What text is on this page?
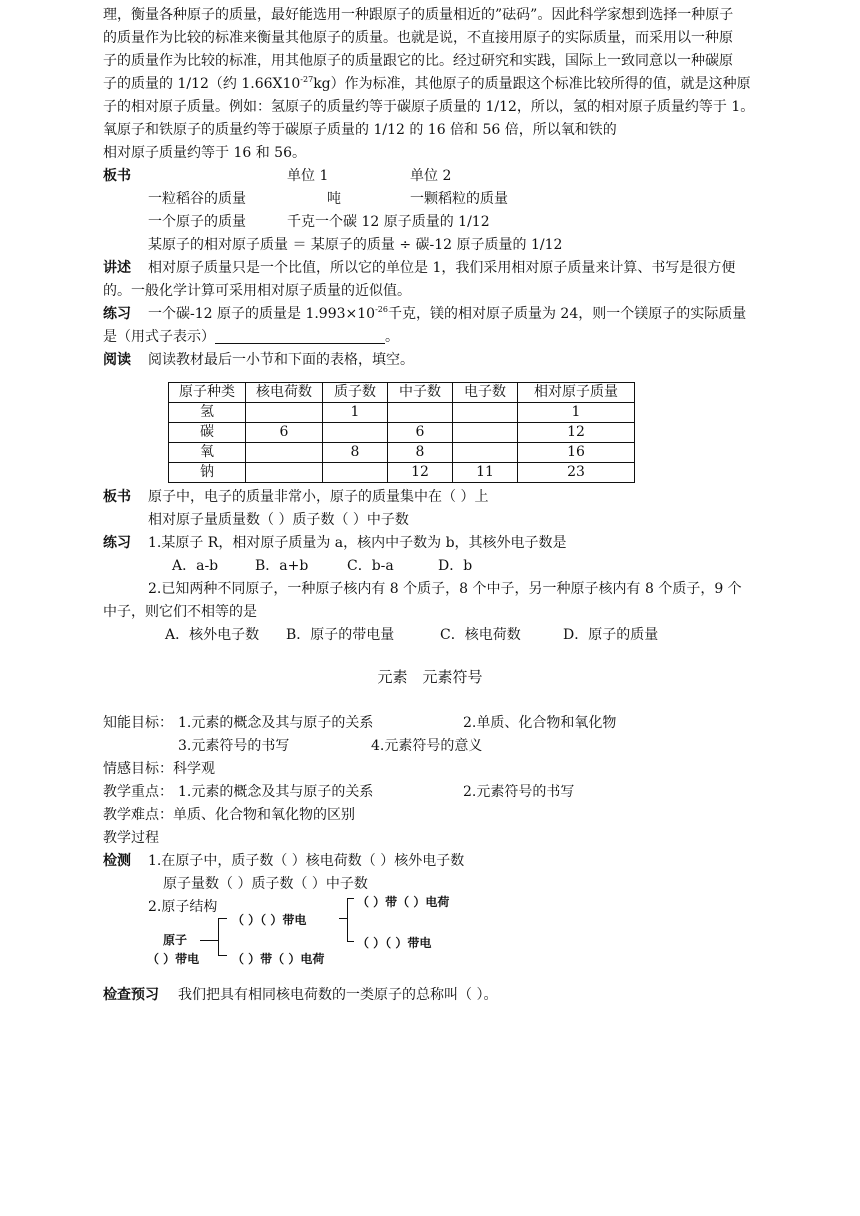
理，衡量各种原子的质量，最好能选用一种跟原子的质量相近的”砝码”。因此科学家想到选择一种原子
的质量作为比较的标准来衡量其他原子的质量。也就是说，不直接用原子的实际质量，而采用以一种原
子的质量作为比较的标准，用其他原子的质量跟它的比。经过研究和实践，国际上一致同意以一种碳原
子的质量的 1/12（约 $1.66X10^{-27}kg$）作为标准，其他原子的质量跟这个标准比较所得的值，就是这种原
子的相对原子质量。例如：氢原子的质量约等于碳原子质量的 1/12，所以，氢的相对原子质量约等于 1。
氧原子和铁原子的质量约等于碳原子质量的 1/12 的 16 倍和 56 倍，所以氧和铁的
相对原子质量约等于 16 和 56。
板书	单位 1	单位 2
一粒稻谷的质量	吨	一颗稻粒的质量
一个原子的质量	千克一个碳 12 原子质量的 1/12
某原子的相对原子质量 ＝ 某原子的质量 ÷ 碳-12 原子质量的 1/12
讲述 相对原子质量只是一个比值，所以它的单位是 1，我们采用相对原子质量来计算、书写是很方便
的。一般化学计算可采用相对原子质量的近似值。
练习 一个碳-12 原子的质量是 $1.993\times 10^{-26}$千克，镁的相对原子质量为 24，则一个镁原子的实际质量
是（用式子表示）	。
阅读 阅读教材最后一小节和下面的表格，填空。
原子种类	核电荷数	质子数	中子数	电子数	相对原子质量
氢		1			1
碳	6		6		12
氧		8	8		16
钠			12	11	23
板书 原子中，电子的质量非常小，原子的质量集中在（ ）上
相对原子量质量数（ ）质子数（ ）中子数
练习 1.某原子 R，相对原子质量为 a，核内中子数为 b，其核外电子数是
A．a-b	B．a+b	C．b-a	D．b
2.已知两种不同原子，一种原子核内有 8 个质子，8 个中子，另一种原子核内有 8 个质子，9 个
中子，则它们不相等的是
A．核外电子数 B．原子的带电量	C．核电荷数	D．原子的质量
元素　元素符号
知能目标： 1.元素的概念及其与原子的关系	2.单质、化合物和氧化物
3.元素符号的书写	4.元素符号的意义
情感目标：科学观
教学重点： 1.元素的概念及其与原子的关系	2.元素符号的书写
教学难点：单质、化合物和氧化物的区别
教学过程
检测 1.在原子中，质子数（ ）核电荷数（ ）核外电子数
原子量数（ ）质子数（ ）中子数
2.原子结构
原子
（ ）（ ）带电
（ ）带（ ）电荷
（ ）（ ）带电
（ ）带电	（ ）带（ ）电荷
检查预习 我们把具有相同核电荷数的一类原子的总称叫（ ）。
